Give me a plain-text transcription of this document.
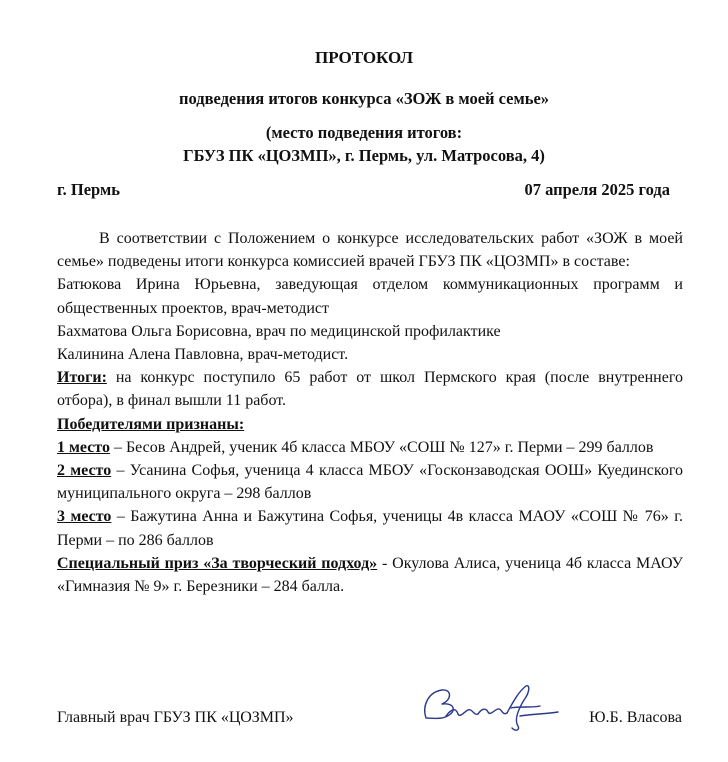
ПРОТОКОЛ
подведения итогов конкурса «ЗОЖ в моей семье»
(место подведения итогов:
ГБУЗ ПК «ЦОЗМП», г. Пермь, ул. Матросова, 4)
г. Пермь	07 апреля 2025 года

В соответствии с Положением о конкурсе исследовательских работ «ЗОЖ в моей семье» подведены итоги конкурса комиссией врачей ГБУЗ ПК «ЦОЗМП» в составе:

Батюкова Ирина Юрьевна, заведующая отделом коммуникационных программ и общественных проектов, врач-методист

Бахматова Ольга Борисовна, врач по медицинской профилактике

Калинина Алена Павловна, врач-методист.

Итоги: на конкурс поступило 65 работ от школ Пермского края (после внутреннего отбора), в финал вышли 11 работ.

Победителями признаны:

1 место – Бесов Андрей, ученик 4б класса МБОУ «СОШ № 127» г. Перми – 299 баллов

2 место – Усанина Софья, ученица 4 класса МБОУ «Госконзаводская ООШ» Куединского муниципального округа – 298 баллов

3 место – Бажутина Анна и Бажутина Софья, ученицы 4в класса МАОУ «СОШ № 76» г. Перми – по 286 баллов

Специальный приз «За творческий подход» - Окулова Алиса, ученица 4б класса МАОУ «Гимназия № 9» г. Березники – 284 балла.

Главный врач ГБУЗ ПК «ЦОЗМП»	Ю.Б. Власова
